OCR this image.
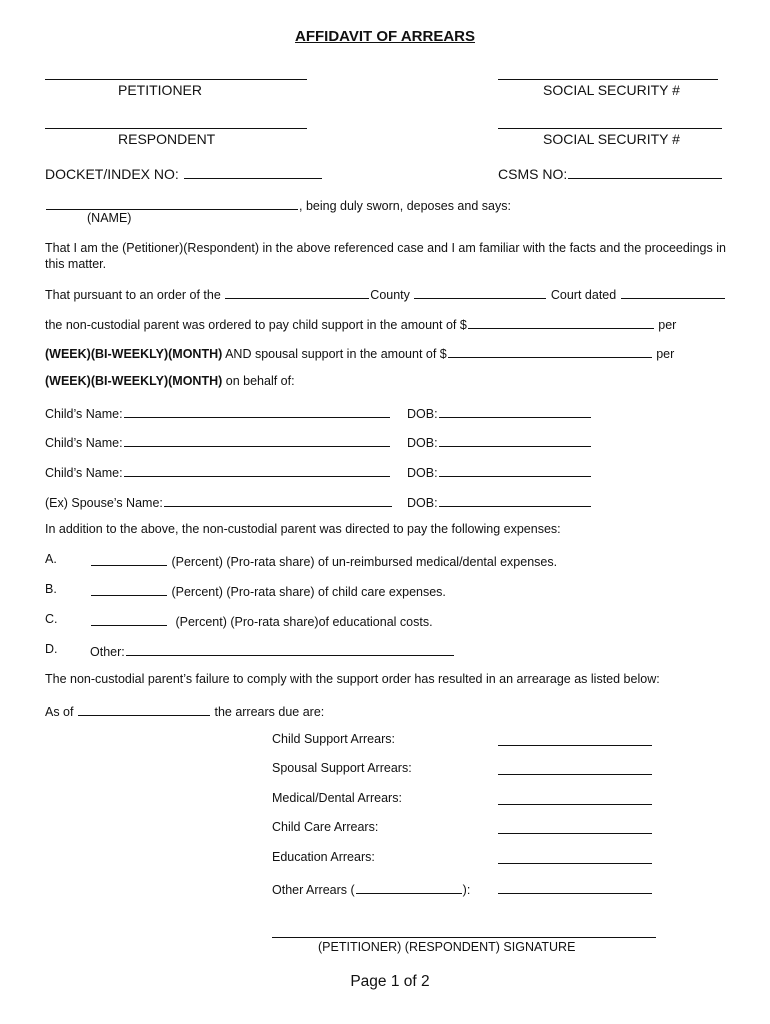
AFFIDAVIT OF ARREARS
PETITIONER	SOCIAL SECURITY #
RESPONDENT	SOCIAL SECURITY #
DOCKET/INDEX NO:	CSMS NO:
, being duly sworn, deposes and says:
(NAME)
That I am the (Petitioner)(Respondent) in the above referenced case and I am familiar with the facts and the proceedings in this matter.
That pursuant to an order of the	County	Court dated
the non-custodial parent was ordered to pay child support in the amount of $	per
(WEEK)(BI-WEEKLY)(MONTH) AND spousal support in the amount of $	per
(WEEK)(BI-WEEKLY)(MONTH) on behalf of:
Child’s Name:	DOB:
Child’s Name:	DOB:
Child’s Name:	DOB:
(Ex) Spouse’s Name:	DOB:
In addition to the above, the non-custodial parent was directed to pay the following expenses:
A.	(Percent) (Pro-rata share) of un-reimbursed medical/dental expenses.
B.	(Percent) (Pro-rata share) of child care expenses.
C.	(Percent) (Pro-rata share)of educational costs.
D.	Other:
The non-custodial parent’s failure to comply with the support order has resulted in an arrearage as listed below:
As of	the arrears due are:
Child Support Arrears:
Spousal Support Arrears:
Medical/Dental Arrears:
Child Care Arrears:
Education Arrears:
Other Arrears (	):
(PETITIONER) (RESPONDENT) SIGNATURE
Page 1 of 2
